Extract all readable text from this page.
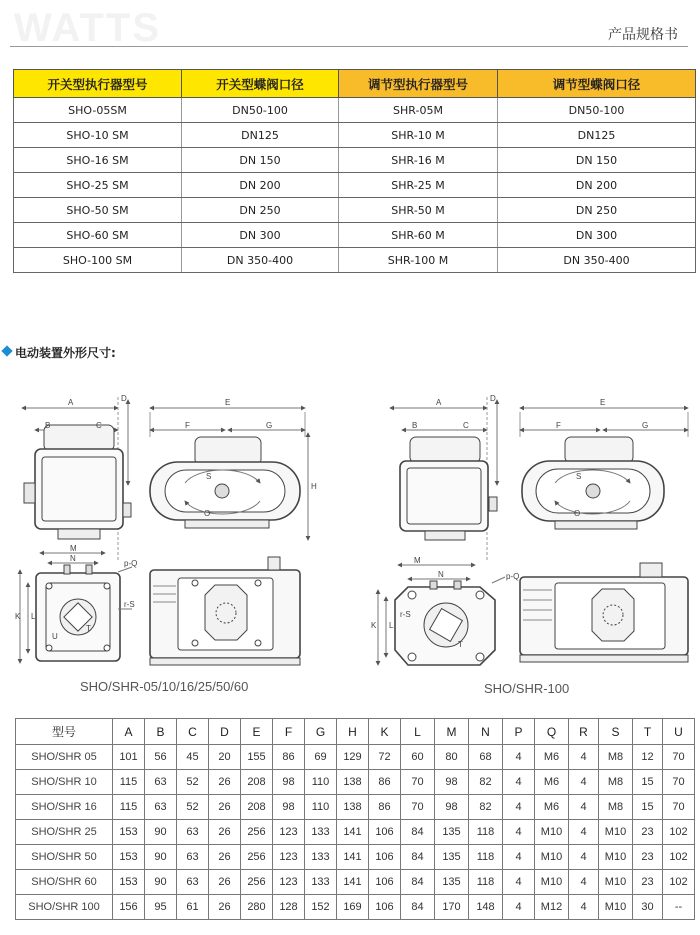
WATTS	产品规格书
开关型执行器型号	开关型蝶阀口径	调节型执行器型号	调节型蝶阀口径
SHO-05SM	DN50-100	SHR-05M	DN50-100
SHO-10 SM	DN125	SHR-10 M	DN125
SHO-16 SM	DN 150	SHR-16 M	DN 150
SHO-25 SM	DN 200	SHR-25 M	DN 200
SHO-50 SM	DN 250	SHR-50 M	DN 250
SHO-60 SM	DN 300	SHR-60 M	DN 300
SHO-100 SM	DN 350-400	SHR-100 M	DN 350-400
电动装置外形尺寸:
A
B	C
D	E
F	G
H
M
N
K L
S
O
p-Q
r-S
T
U
A
B	C
D	E
F	G
M
N
K L
S
O
p-Q
r-S
T
SHO/SHR-05/10/16/25/50/60	SHO/SHR-100
型号	A	B	C	D	E	F	G	H	K	L	M	N	P	Q	R	S	T	U
SHO/SHR 05	101	56	45	20	155	86	69	129	72	60	80	68	4	M6	4	M8	12	70
SHO/SHR 10	115	63	52	26	208	98	110	138	86	70	98	82	4	M6	4	M8	15	70
SHO/SHR 16	115	63	52	26	208	98	110	138	86	70	98	82	4	M6	4	M8	15	70
SHO/SHR 25	153	90	63	26	256	123	133	141	106	84	135	118	4	M10	4	M10	23	102
SHO/SHR 50	153	90	63	26	256	123	133	141	106	84	135	118	4	M10	4	M10	23	102
SHO/SHR 60	153	90	63	26	256	123	133	141	106	84	135	118	4	M10	4	M10	23	102
SHO/SHR 100	156	95	61	26	280	128	152	169	106	84	170	148	4	M12	4	M10	30	--
